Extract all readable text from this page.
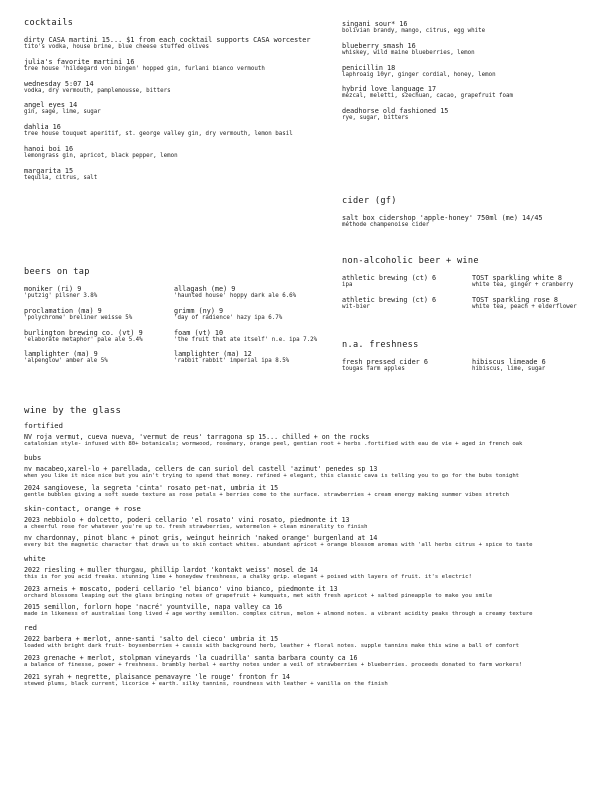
cocktails
dirty CASA martini 15... $1 from each cocktail supports CASA worcester
tito's vodka, house brine, blue cheese stuffed olives
julia's favorite martini 16
tree house 'hildegard von bingen' hopped gin, furlani bianco vermouth
wednesday 5:07 14
vodka, dry vermouth, pamplemousse, bitters
angel eyes 14
gin, sage, lime, sugar
dahlia 16
tree house touquet aperitif, st. george valley gin, dry vermouth, lemon basil
hanoi boi 16
lemongrass gin, apricot, black pepper, lemon
margarita 15
tequila, citrus, salt
singani sour* 16
bolivian brandy, mango, citrus, egg white
blueberry smash 16
whiskey, wild maine blueberries, lemon
penicillin 18
laphroaig 10yr, ginger cordial, honey, lemon
hybrid love language 17
mezcal, meletti, szechuan, cacao, grapefruit foam
deadhorse old fashioned 15
rye, sugar, bitters
cider (gf)
salt box cidershop 'apple-honey' 750ml (me) 14/45
méthode champenoise cider
beers on tap
moniker (ri) 9
'putzig' pilsner 3.8%
allagash (me) 9
'haunted house' hoppy dark ale 6.6%
proclamation (ma) 9
'polychrome' breliner weisse 5%
grimm (ny) 9
'day of radience' hazy ipa 6.7%
burlington brewing co. (vt) 9
'elaborate metaphor' pale ale 5.4%
foam (vt) 10
'the fruit that ate itself' n.e. ipa 7.2%
lamplighter (ma) 9
'alpenglow' amber ale 5%
lamplighter (ma) 12
'rabbit rabbit' imperial ipa 8.5%
non-alcoholic beer + wine
athletic brewing (ct) 6
ipa
TOST sparkling white 8
white tea, ginger + cranberry
athletic brewing (ct) 6
wit-bier
TOST sparkling rose 8
white tea, peach + elderflower
n.a. freshness
fresh pressed cider 6
tougas farm apples
hibiscus limeade 6
hibiscus, lime, sugar
wine by the glass
fortified
NV roja vermut, cueva nueva, 'vermut de reus' tarragona sp 15... chilled + on the rocks
catalonian style- infused with 80+ botanicals; wormwood, rosemary, orange peel, gentian root + herbs .fortified with eau de vie + aged in french oak
bubs
nv macabeo,xarel-lo + parellada, cellers de can suriol del castell 'azimut' penedes sp 13
when you like it nice nice but you ain't trying to spend that money. refined + elegant, this classic cava is telling you to go for the bubs tonight
2024 sangiovese, la segreta 'cinta' rosato pet-nat, umbria it 15
gentle bubbles giving a soft suede texture as rose petals + berries come to the surface. strawberries + cream energy making summer vibes stretch
skin-contact, orange + rose
2023 nebbiolo + dolcetto, poderi cellario 'el rosato' vini rosato, piedmonte it 13
a cheerful rose for whatever you're up to. fresh strawberries, watermelon + clean minerality to finish
nv chardonnay, pinot blanc + pinot gris, weingut heinrich 'naked orange' burgenland at 14
every bit the magnetic character that draws us to skin contact whites. abundant apricot + orange blossom aromas with 'all herbs citrus + spice to taste
white
2022 riesling + muller thurgau, phillip lardot 'kontakt weiss' mosel de 14
this is for you acid freaks. stunning lime + honeydew freshness, a chalky grip. elegant + poised with layers of fruit. it's electric!
2023 arneis + moscato, poderi cellario 'el bianco' vino bianco, piedmonte it 13
orchard blossoms leaping out the glass bringing notes of grapefruit + kumquats, met with fresh apricot + salted pineapple to make you smile
2015 semillon, forlorn hope 'nacré' yountville, napa valley ca 16
made in likeness of australias long lived + age worthy semillon. complex citrus, melon + almond notes. a vibrant acidity peaks through a creamy texture
red
2022 barbera + merlot, anne-santi 'salto del cieco' umbria it 15
loaded with bright dark fruit- boysenberries + cassis with background herb, leather + floral notes. supple tannins make this wine a ball of comfort
2023 grenache + merlot, stolpman vineyards 'la cuadrilla' santa barbara county ca 16
a balance of finesse, power + freshness. brambly herbal + earthy notes under a veil of strawberries + blueberries. proceeds donated to farm workers!
2021 syrah + negrette, plaisance penavayre 'le rouge' fronton fr 14
stewed plums, black current, licorice + earth. silky tannins, roundness with leather + vanilla on the finish
